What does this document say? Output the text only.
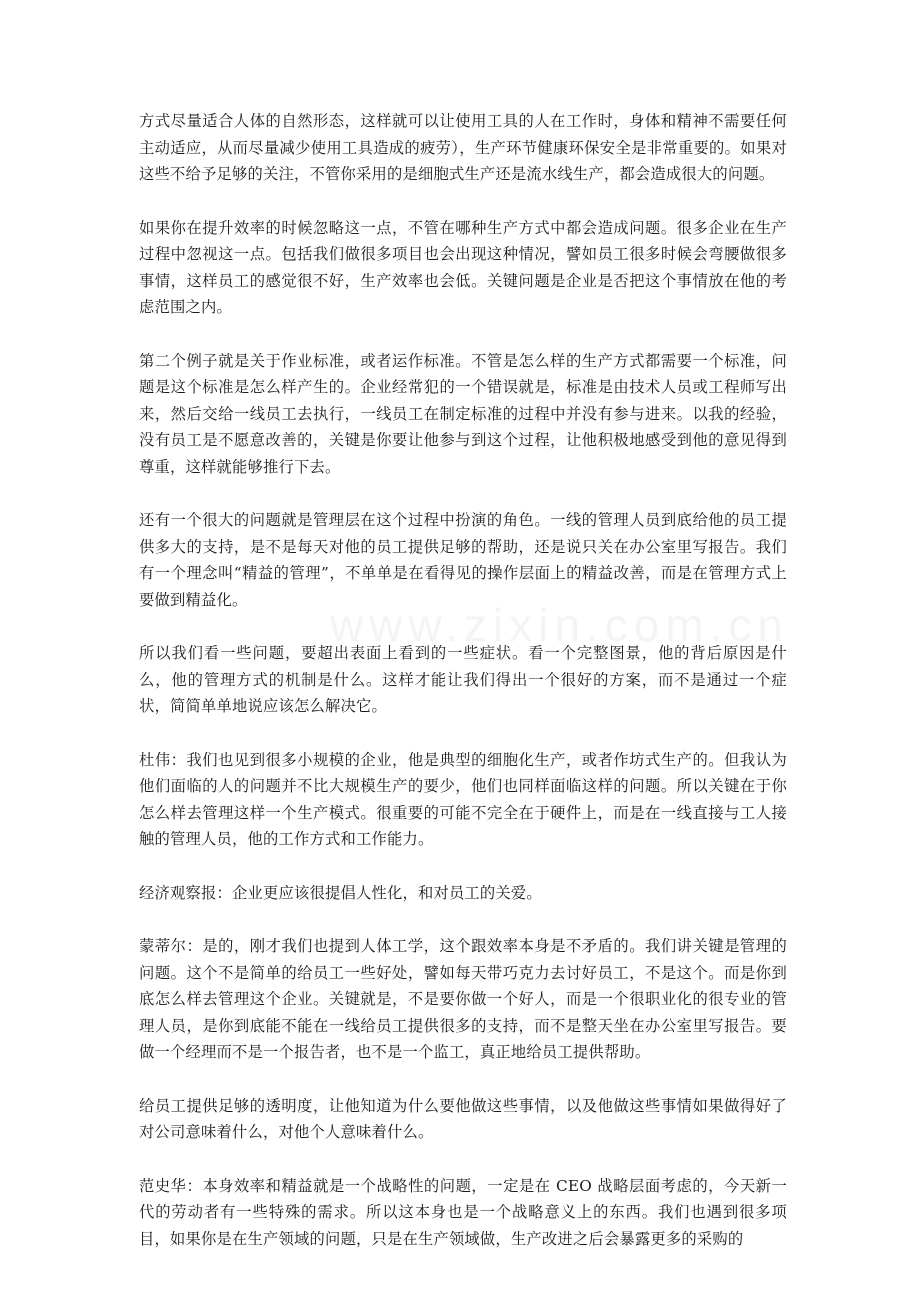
www.zixin.com.cn

方式尽量适合人体的自然形态，这样就可以让使用工具的人在工作时，身体和精神不需要任何主动适应，从而尽量减少使用工具造成的疲劳），生产环节健康环保安全是非常重要的。如果对这些不给予足够的关注，不管你采用的是细胞式生产还是流水线生产，都会造成很大的问题。

如果你在提升效率的时候忽略这一点，不管在哪种生产方式中都会造成问题。很多企业在生产过程中忽视这一点。包括我们做很多项目也会出现这种情况，譬如员工很多时候会弯腰做很多事情，这样员工的感觉很不好，生产效率也会低。关键问题是企业是否把这个事情放在他的考虑范围之内。

第二个例子就是关于作业标准，或者运作标准。不管是怎么样的生产方式都需要一个标准，问题是这个标准是怎么样产生的。企业经常犯的一个错误就是，标准是由技术人员或工程师写出来，然后交给一线员工去执行，一线员工在制定标准的过程中并没有参与进来。以我的经验，没有员工是不愿意改善的，关键是你要让他参与到这个过程，让他积极地感受到他的意见得到尊重，这样就能够推行下去。

还有一个很大的问题就是管理层在这个过程中扮演的角色。一线的管理人员到底给他的员工提供多大的支持，是不是每天对他的员工提供足够的帮助，还是说只关在办公室里写报告。我们有一个理念叫“精益的管理”，不单单是在看得见的操作层面上的精益改善，而是在管理方式上要做到精益化。

所以我们看一些问题，要超出表面上看到的一些症状。看一个完整图景，他的背后原因是什么，他的管理方式的机制是什么。这样才能让我们得出一个很好的方案，而不是通过一个症状，简简单单地说应该怎么解决它。

杜伟：我们也见到很多小规模的企业，他是典型的细胞化生产，或者作坊式生产的。但我认为他们面临的人的问题并不比大规模生产的要少，他们也同样面临这样的问题。所以关键在于你怎么样去管理这样一个生产模式。很重要的可能不完全在于硬件上，而是在一线直接与工人接触的管理人员，他的工作方式和工作能力。

经济观察报：企业更应该很提倡人性化，和对员工的关爱。

蒙蒂尔：是的，刚才我们也提到人体工学，这个跟效率本身是不矛盾的。我们讲关键是管理的问题。这个不是简单的给员工一些好处，譬如每天带巧克力去讨好员工，不是这个。而是你到底怎么样去管理这个企业。关键就是，不是要你做一个好人，而是一个很职业化的很专业的管理人员，是你到底能不能在一线给员工提供很多的支持，而不是整天坐在办公室里写报告。要做一个经理而不是一个报告者，也不是一个监工，真正地给员工提供帮助。

给员工提供足够的透明度，让他知道为什么要他做这些事情，以及他做这些事情如果做得好了对公司意味着什么，对他个人意味着什么。

范史华：本身效率和精益就是一个战略性的问题，一定是在 CEO 战略层面考虑的，今天新一代的劳动者有一些特殊的需求。所以这本身也是一个战略意义上的东西。我们也遇到很多项目，如果你是在生产领域的问题，只是在生产领域做，生产改进之后会暴露更多的采购的
